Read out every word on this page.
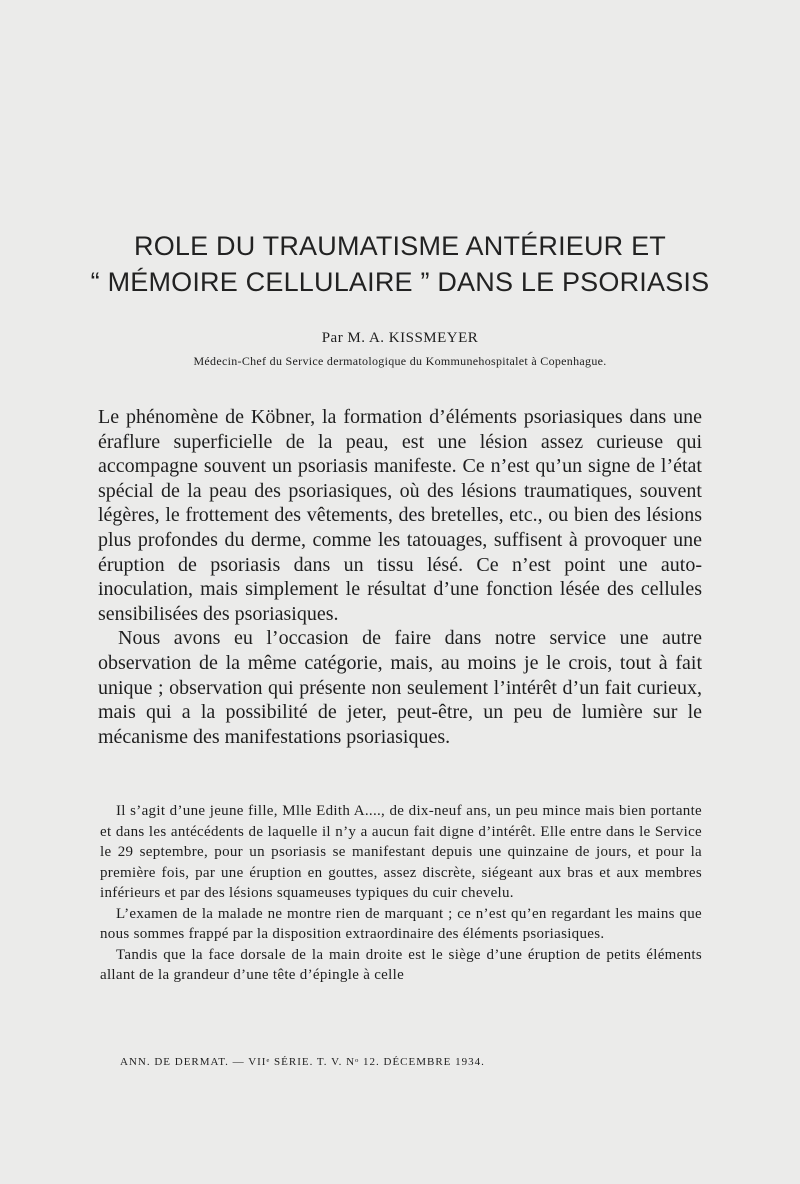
ROLE DU TRAUMATISME ANTÉRIEUR ET
“ MÉMOIRE CELLULAIRE ” DANS LE PSORIASIS
Par M. A. KISSMEYER
Médecin-Chef du Service dermatologique du Kommunehospitalet à Copenhague.

Le phénomène de Köbner, la formation d’éléments psoriasiques dans une éraflure superficielle de la peau, est une lésion assez curieuse qui accompagne souvent un psoriasis manifeste. Ce n’est qu’un signe de l’état spécial de la peau des psoriasiques, où des lésions traumatiques, souvent légères, le frottement des vêtements, des bretelles, etc., ou bien des lésions plus profondes du derme, comme les tatouages, suffisent à provoquer une éruption de psoriasis dans un tissu lésé. Ce n’est point une auto-inoculation, mais simplement le résultat d’une fonction lésée des cellules sensibilisées des psoriasiques.

Nous avons eu l’occasion de faire dans notre service une autre observation de la même catégorie, mais, au moins je le crois, tout à fait unique ; observation qui présente non seulement l’intérêt d’un fait curieux, mais qui a la possibilité de jeter, peut-être, un peu de lumière sur le mécanisme des manifestations psoriasiques.

Il s’agit d’une jeune fille, Mlle Edith A...., de dix-neuf ans, un peu mince mais bien portante et dans les antécédents de laquelle il n’y a aucun fait digne d’intérêt. Elle entre dans le Service le 29 septembre, pour un psoriasis se manifestant depuis une quinzaine de jours, et pour la première fois, par une éruption en gouttes, assez discrète, siégeant aux bras et aux membres inférieurs et par des lésions squameuses typiques du cuir chevelu.

L’examen de la malade ne montre rien de marquant ; ce n’est qu’en regardant les mains que nous sommes frappé par la disposition extraordinaire des éléments psoriasiques.

Tandis que la face dorsale de la main droite est le siège d’une éruption de petits éléments allant de la grandeur d’une tête d’épingle à celle

ANN. DE DERMAT. — VIIᵉ SÉRIE. T. V. Nᵒ 12. DÉCEMBRE 1934.
